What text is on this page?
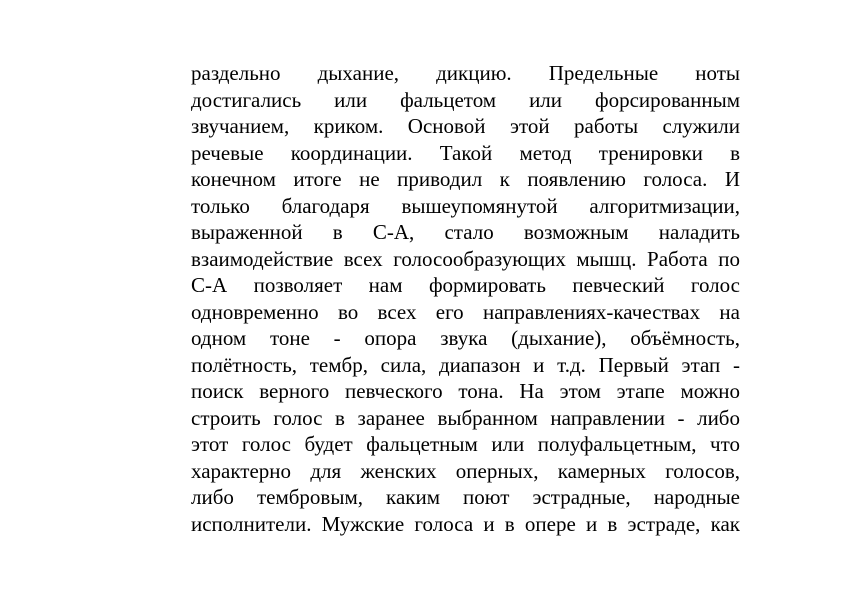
раздельно дыхание, дикцию. Предельные ноты
достигались или фальцетом или форсированным
звучанием, криком. Основой этой работы служили
речевые координации. Такой метод тренировки в
конечном итоге не приводил к появлению голоса. И
только благодаря вышеупомянутой алгоритмизации,
выраженной в С-А, стало возможным наладить
взаимодействие всех голосообразующих мышц. Работа по
С-А позволяет нам формировать певческий голос
одновременно во всех его направлениях-качествах на
одном тоне - опора звука (дыхание), объёмность,
полётность, тембр, сила, диапазон и т.д. Первый этап -
поиск верного певческого тона. На этом этапе можно
строить голос в заранее выбранном направлении - либо
этот голос будет фальцетным или полуфальцетным, что
характерно для женских оперных, камерных голосов,
либо тембровым, каким поют эстрадные, народные
исполнители. Мужские голоса и в опере и в эстраде, как
